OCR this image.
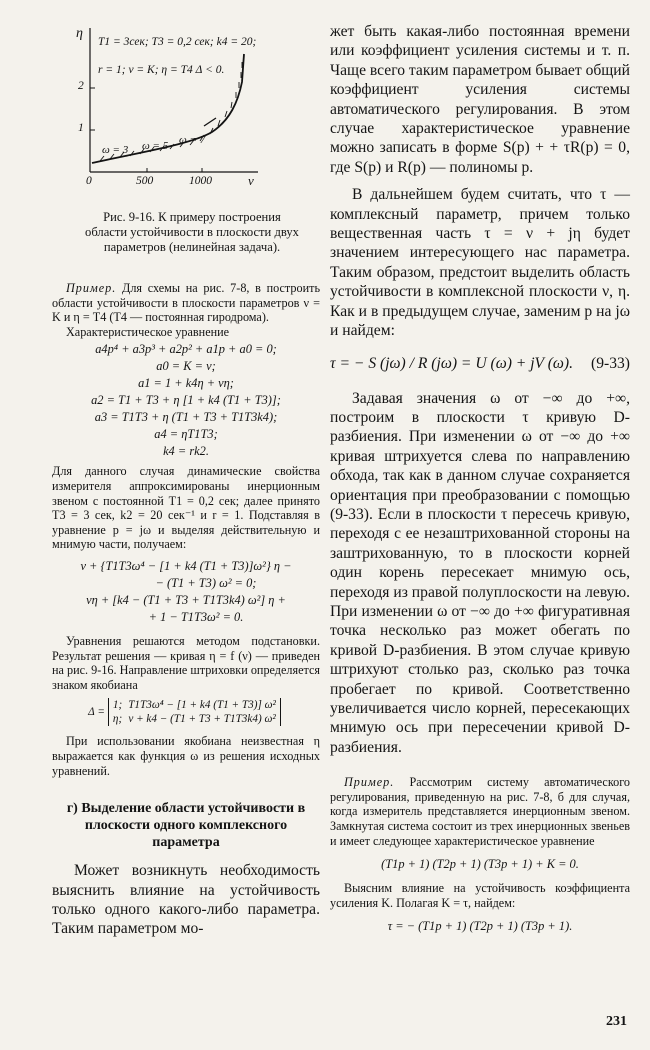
η
ν
1
2
0	500	1000
T1 = 3сек; T3 = 0,2 сек; k4 = 20;
r = 1; ν = K; η = T4 Δ < 0.
ω = 3 ω = 5 ω = 7
Рис. 9-16. К примеру построения области устойчивости в плоскости двух параметров (нелинейная задача).

Пример. Для схемы на рис. 7-8, в построить области устойчивости в плоскости параметров ν = K и η = T4 (T4 — постоянная гиродрома).

Характеристическое уравнение

a4p⁴ + a3p³ + a2p² + a1p + a0 = 0;
a0 = K = ν;
a1 = 1 + k4η + νη;
a2 = T1 + T3 + η [1 + k4 (T1 + T3)];
a3 = T1T3 + η (T1 + T3 + T1T3k4);
a4 = ηT1T3;
k4 = rk2.

Для данного случая динамические свойства измерителя аппроксимированы инерционным звеном с постоянной T1 = 0,2 сек; далее принято T3 = 3 сек, k2 = 20 сек⁻¹ и r = 1. Подставляя в уравнение p = jω и выделяя действительную и мнимую части, получаем:

ν + {T1T3ω⁴ − [1 + k4 (T1 + T3)]ω²} η −
− (T1 + T3) ω² = 0;
νη + [k4 − (T1 + T3 + T1T3k4) ω²] η +
+ 1 − T1T3ω² = 0.

Уравнения решаются методом подстановки. Результат решения — кривая η = f (ν) — приведен на рис. 9-16. Направление штриховки определяется знаком якобиана

Δ =
1; T1T3ω⁴ − [1 + k4 (T1 + T3)] ω²
η; ν + k4 − (T1 + T3 + T1T3k4) ω²

При использовании якобиана неизвестная η выражается как функция ω из решения исходных уравнений.

г) Выделение области устойчивости в плоскости одного комплексного параметра

Может возникнуть необходимость выяснить влияние на устойчивость только одного какого-либо параметра. Таким параметром мо-

жет быть какая-либо постоянная времени или коэффициент усиления системы и т. п. Чаще всего таким параметром бывает общий коэффициент усиления системы автоматического регулирования. В этом случае характеристическое уравнение можно записать в форме S(p) + + τR(p) = 0, где S(p) и R(p) — полиномы p.

В дальнейшем будем считать, что τ — комплексный параметр, причем только вещественная часть τ = ν + jη будет значением интересующего нас параметра. Таким образом, предстоит выделить область устойчивости в комплексной плоскости ν, η. Как и в предыдущем случае, заменим p на jω и найдем:

τ = − S (jω) / R (jω) = U (ω) + jV (ω). (9-33)

Задавая значения ω от −∞ до +∞, построим в плоскости τ кривую D-разбиения. При изменении ω от −∞ до +∞ кривая штрихуется слева по направлению обхода, так как в данном случае сохраняется ориентация при преобразовании с помощью (9-33). Если в плоскости τ пересечь кривую, переходя с ее незаштрихованной стороны на заштрихованную, то в плоскости корней один корень пересекает мнимую ось, переходя из правой полуплоскости на левую. При изменении ω от −∞ до +∞ фигуративная точка несколько раз может обегать по кривой D-разбиения. В этом случае кривую штрихуют столько раз, сколько раз точка пробегает по кривой. Соответственно увеличивается число корней, пересекающих мнимую ось при пересечении кривой D-разбиения.

Пример. Рассмотрим систему автоматического регулирования, приведенную на рис. 7-8, б для случая, когда измеритель представляется инерционным звеном. Замкнутая система состоит из трех инерционных звеньев и имеет следующее характеристическое уравнение

(T1p + 1) (T2p + 1) (T3p + 1) + K = 0.

Выясним влияние на устойчивость коэффициента усиления K. Полагая K = τ, найдем:

τ = − (T1p + 1) (T2p + 1) (T3p + 1).
231
